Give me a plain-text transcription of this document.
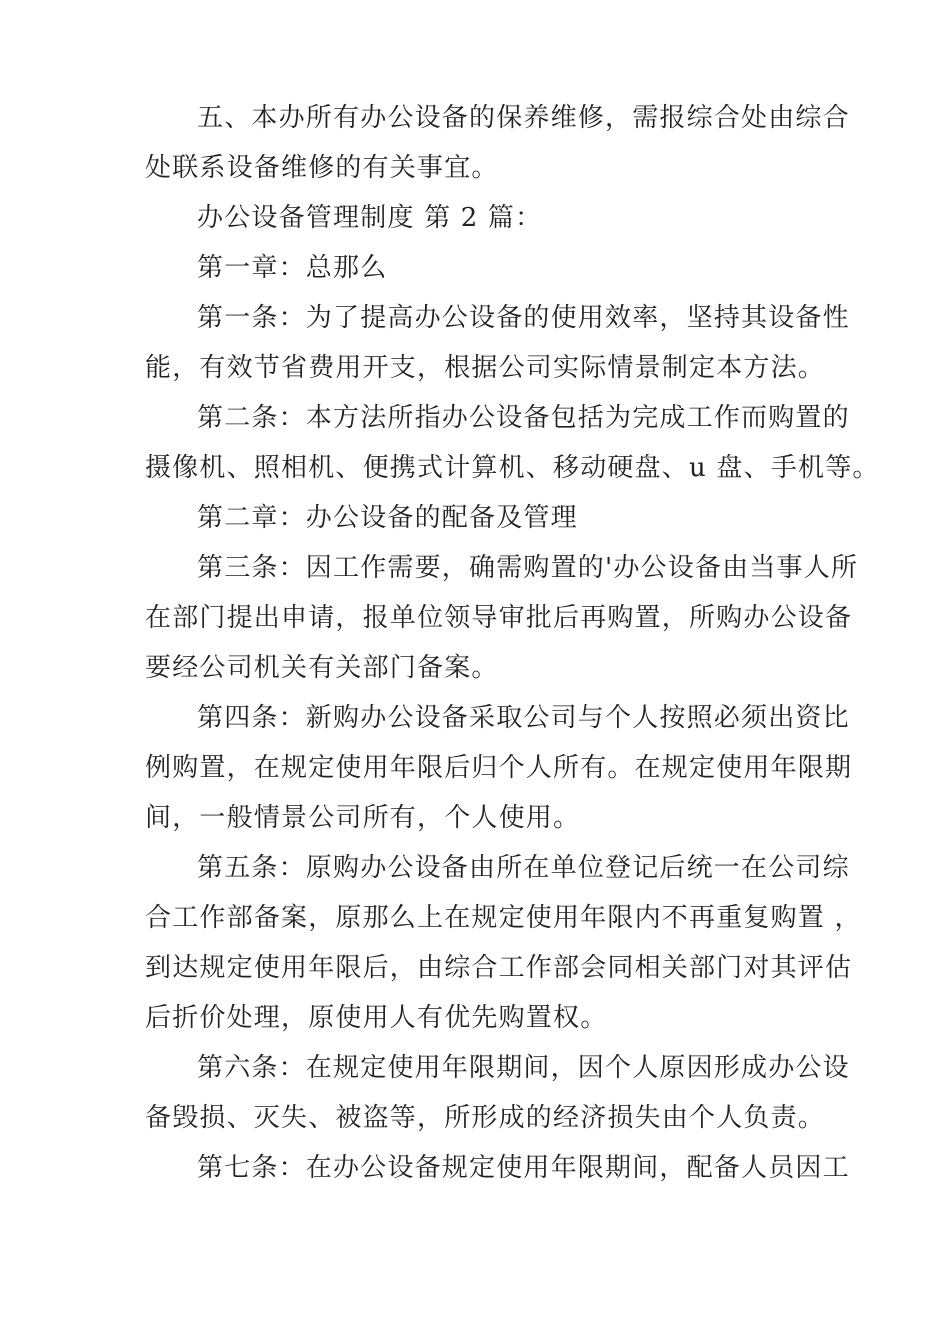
五、本办所有办公设备的保养维修，需报综合处由综合
处联系设备维修的有关事宜。

办公设备管理制度 第 2 篇：

第一章：总那么

第一条：为了提高办公设备的使用效率，坚持其设备性
能，有效节省费用开支，根据公司实际情景制定本方法。

第二条：本方法所指办公设备包括为完成工作而购置的
摄像机、照相机、便携式计算机、移动硬盘、u 盘、手机等。

第二章：办公设备的配备及管理

第三条：因工作需要，确需购置的'办公设备由当事人所
在部门提出申请，报单位领导审批后再购置，所购办公设备
要经公司机关有关部门备案。

第四条：新购办公设备采取公司与个人按照必须出资比
例购置，在规定使用年限后归个人所有。在规定使用年限期
间，一般情景公司所有，个人使用。

第五条：原购办公设备由所在单位登记后统一在公司综
合工作部备案，原那么上在规定使用年限内不再重复购置 ，
到达规定使用年限后，由综合工作部会同相关部门对其评估
后折价处理，原使用人有优先购置权。

第六条：在规定使用年限期间，因个人原因形成办公设
备毁损、灭失、被盗等，所形成的经济损失由个人负责。

第七条：在办公设备规定使用年限期间，配备人员因工
